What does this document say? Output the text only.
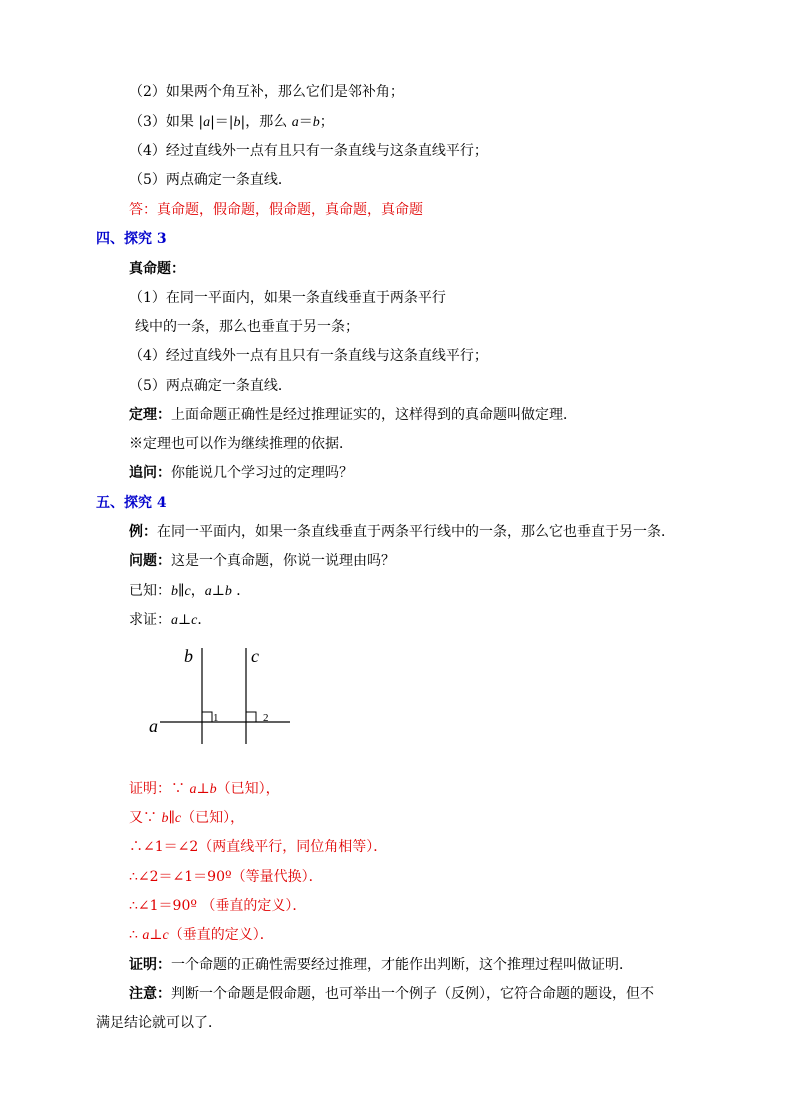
（2）如果两个角互补，那么它们是邻补角；
（3）如果 |a|＝|b|，那么 a＝b；
（4）经过直线外一点有且只有一条直线与这条直线平行；
（5）两点确定一条直线．
答：真命题，假命题，假命题，真命题，真命题
四、探究 3
真命题：
（1）在同一平面内，如果一条直线垂直于两条平行
线中的一条，那么也垂直于另一条；
（4）经过直线外一点有且只有一条直线与这条直线平行；
（5）两点确定一条直线．
定理：上面命题正确性是经过推理证实的，这样得到的真命题叫做定理．
※定理也可以作为继续推理的依据．
追问：你能说几个学习过的定理吗？
五、探究 4
例：在同一平面内，如果一条直线垂直于两条平行线中的一条，那么它也垂直于另一条．
问题：这是一个真命题，你说一说理由吗？
已知：b∥c，a⊥b ．
求证：a⊥c．
b	c
a	1	2
证明：∵ a⊥b（已知），
又∵ b∥c（已知），
∴∠1＝∠2（两直线平行，同位角相等）．
∴∠2＝∠1＝90º（等量代换）．
∴∠1＝90º （垂直的定义）．
∴ a⊥c（垂直的定义）．
证明：一个命题的正确性需要经过推理，才能作出判断，这个推理过程叫做证明．
注意：判断一个命题是假命题，也可举出一个例子（反例），它符合命题的题设，但不
满足结论就可以了．
